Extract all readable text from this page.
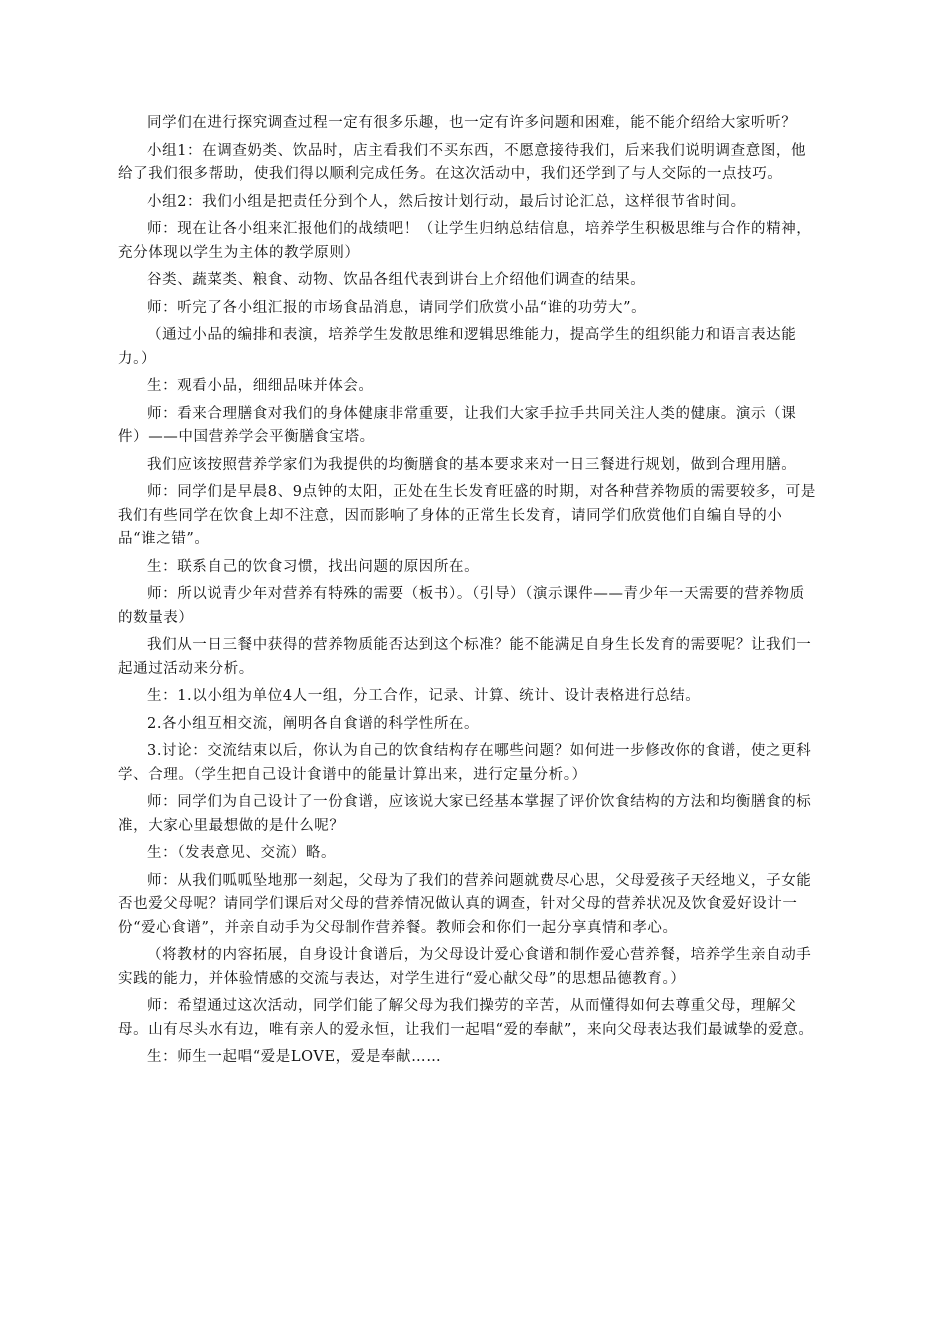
同学们在进行探究调查过程一定有很多乐趣，也一定有许多问题和困难，能不能介绍给大家听听？

小组1：在调查奶类、饮品时，店主看我们不买东西，不愿意接待我们，后来我们说明调查意图，他给了我们很多帮助，使我们得以顺利完成任务。在这次活动中，我们还学到了与人交际的一点技巧。

小组2：我们小组是把责任分到个人，然后按计划行动，最后讨论汇总，这样很节省时间。

师：现在让各小组来汇报他们的战绩吧！（让学生归纳总结信息，培养学生积极思维与合作的精神，充分体现以学生为主体的教学原则）

谷类、蔬菜类、粮食、动物、饮品各组代表到讲台上介绍他们调查的结果。

师：听完了各小组汇报的市场食品消息，请同学们欣赏小品“谁的功劳大”。

（通过小品的编排和表演，培养学生发散思维和逻辑思维能力，提高学生的组织能力和语言表达能力。）

生：观看小品，细细品味并体会。

师：看来合理膳食对我们的身体健康非常重要，让我们大家手拉手共同关注人类的健康。演示（课件）——中国营养学会平衡膳食宝塔。

我们应该按照营养学家们为我提供的均衡膳食的基本要求来对一日三餐进行规划，做到合理用膳。

师：同学们是早晨8、9点钟的太阳，正处在生长发育旺盛的时期，对各种营养物质的需要较多，可是我们有些同学在饮食上却不注意，因而影响了身体的正常生长发育，请同学们欣赏他们自编自导的小品“谁之错”。

生：联系自己的饮食习惯，找出问题的原因所在。

师：所以说青少年对营养有特殊的需要（板书）。（引导）（演示课件——青少年一天需要的营养物质的数量表）

我们从一日三餐中获得的营养物质能否达到这个标准？能不能满足自身生长发育的需要呢？让我们一起通过活动来分析。

生：1.以小组为单位4人一组，分工合作，记录、计算、统计、设计表格进行总结。

2.各小组互相交流，阐明各自食谱的科学性所在。

3.讨论：交流结束以后，你认为自己的饮食结构存在哪些问题？如何进一步修改你的食谱，使之更科学、合理。（学生把自己设计食谱中的能量计算出来，进行定量分析。）

师：同学们为自己设计了一份食谱，应该说大家已经基本掌握了评价饮食结构的方法和均衡膳食的标准，大家心里最想做的是什么呢？

生：（发表意见、交流）略。

师：从我们呱呱坠地那一刻起，父母为了我们的营养问题就费尽心思，父母爱孩子天经地义，子女能否也爱父母呢？请同学们课后对父母的营养情况做认真的调查，针对父母的营养状况及饮食爱好设计一份“爱心食谱”，并亲自动手为父母制作营养餐。教师会和你们一起分享真情和孝心。

（将教材的内容拓展，自身设计食谱后，为父母设计爱心食谱和制作爱心营养餐，培养学生亲自动手实践的能力，并体验情感的交流与表达，对学生进行“爱心献父母”的思想品德教育。）

师：希望通过这次活动，同学们能了解父母为我们操劳的辛苦，从而懂得如何去尊重父母，理解父母。山有尽头水有边，唯有亲人的爱永恒，让我们一起唱“爱的奉献”，来向父母表达我们最诚挚的爱意。

生：师生一起唱“爱是LOVE，爱是奉献……
